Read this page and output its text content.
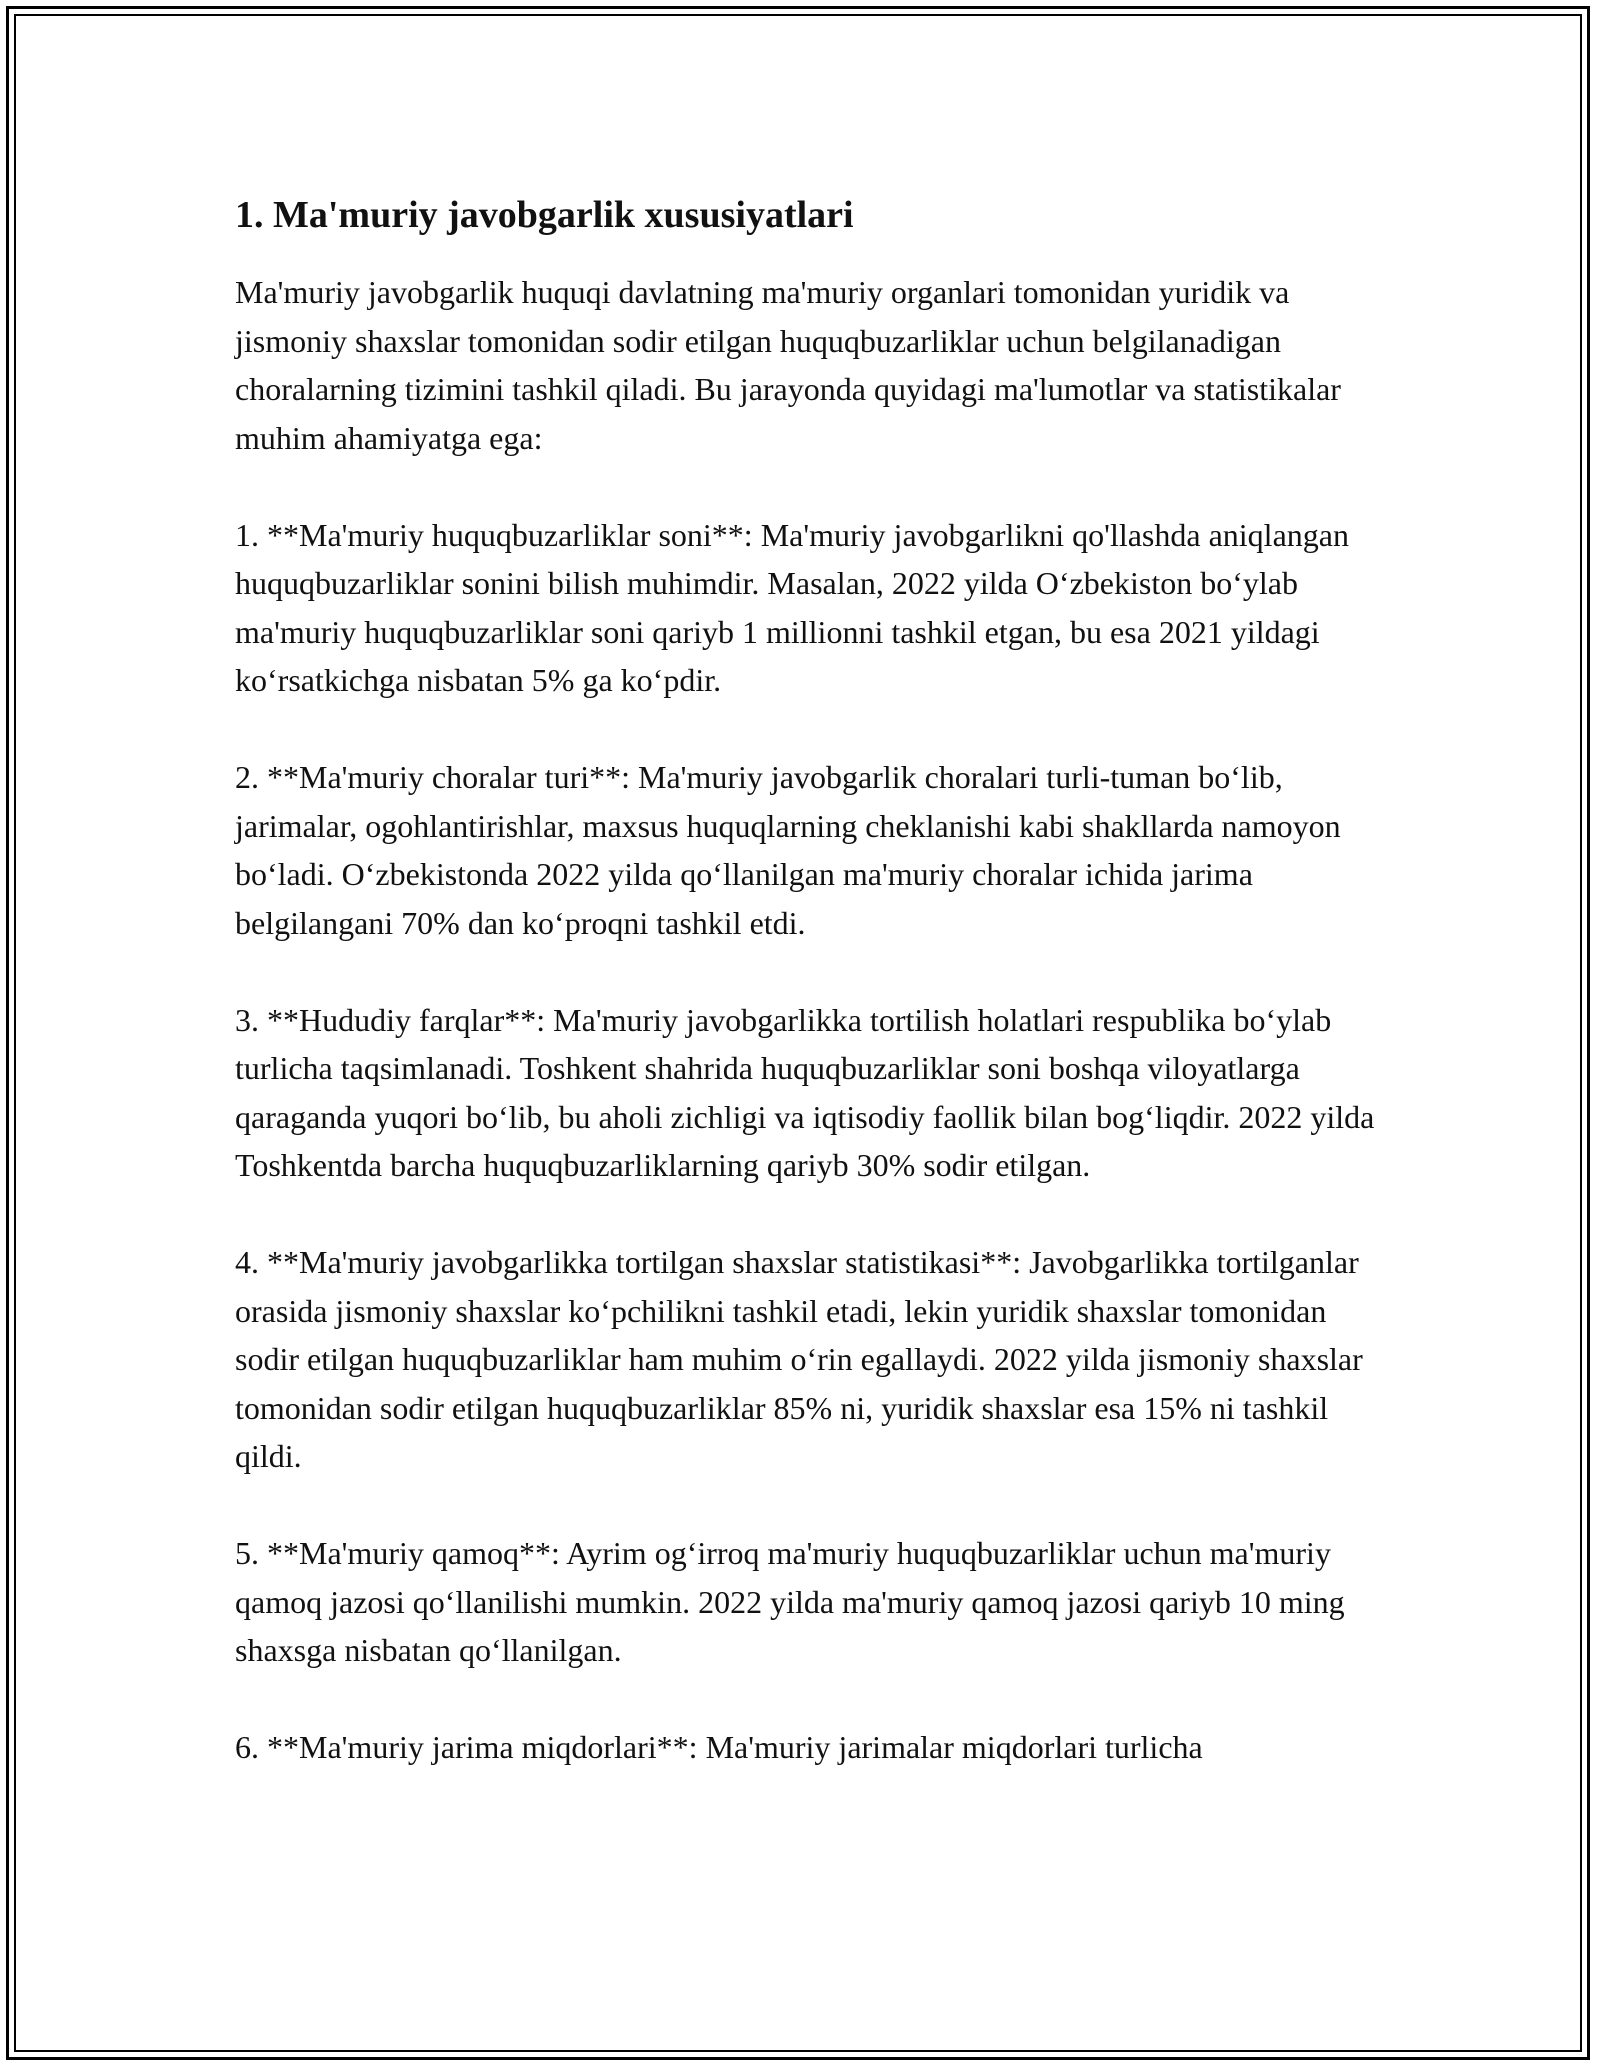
1. Ma'muriy javobgarlik xususiyatlari

Ma'muriy javobgarlik huquqi davlatning ma'muriy organlari tomonidan yuridik va jismoniy shaxslar tomonidan sodir etilgan huquqbuzarliklar uchun belgilanadigan choralarning tizimini tashkil qiladi. Bu jarayonda quyidagi ma'lumotlar va statistikalar muhim ahamiyatga ega:

1. **Ma'muriy huquqbuzarliklar soni**: Ma'muriy javobgarlikni qo'llashda aniqlangan huquqbuzarliklar sonini bilish muhimdir. Masalan, 2022 yilda O‘zbekiston bo‘ylab ma'muriy huquqbuzarliklar soni qariyb 1 millionni tashkil etgan, bu esa 2021 yildagi ko‘rsatkichga nisbatan 5% ga ko‘pdir.

2. **Ma'muriy choralar turi**: Ma'muriy javobgarlik choralari turli-tuman bo‘lib, jarimalar, ogohlantirishlar, maxsus huquqlarning cheklanishi kabi shakllarda namoyon bo‘ladi. O‘zbekistonda 2022 yilda qo‘llanilgan ma'muriy choralar ichida jarima belgilangani 70% dan ko‘proqni tashkil etdi.

3. **Hududiy farqlar**: Ma'muriy javobgarlikka tortilish holatlari respublika bo‘ylab turlicha taqsimlanadi. Toshkent shahrida huquqbuzarliklar soni boshqa viloyatlarga qaraganda yuqori bo‘lib, bu aholi zichligi va iqtisodiy faollik bilan bog‘liqdir. 2022 yilda Toshkentda barcha huquqbuzarliklarning qariyb 30% sodir etilgan.

4. **Ma'muriy javobgarlikka tortilgan shaxslar statistikasi**: Javobgarlikka tortilganlar orasida jismoniy shaxslar ko‘pchilikni tashkil etadi, lekin yuridik shaxslar tomonidan sodir etilgan huquqbuzarliklar ham muhim o‘rin egallaydi. 2022 yilda jismoniy shaxslar tomonidan sodir etilgan huquqbuzarliklar 85% ni, yuridik shaxslar esa 15% ni tashkil qildi.

5. **Ma'muriy qamoq**: Ayrim og‘irroq ma'muriy huquqbuzarliklar uchun ma'muriy qamoq jazosi qo‘llanilishi mumkin. 2022 yilda ma'muriy qamoq jazosi qariyb 10 ming shaxsga nisbatan qo‘llanilgan.

6. **Ma'muriy jarima miqdorlari**: Ma'muriy jarimalar miqdorlari turlicha
